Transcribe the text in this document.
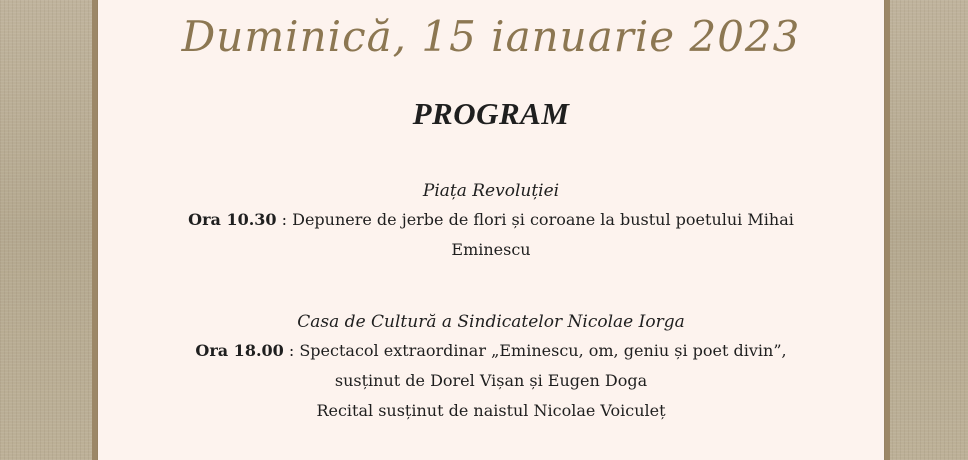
Duminică, 15 ianuarie 2023
PROGRAM
Piața Revoluției
Ora 10.30 : Depunere de jerbe de flori și coroane la bustul poetului Mihai
Eminescu
Casa de Cultură a Sindicatelor Nicolae Iorga
Ora 18.00 : Spectacol extraordinar „Eminescu, om, geniu și poet divin”,
susținut de Dorel Vișan și Eugen Doga
Recital susținut de naistul Nicolae Voiculeț
